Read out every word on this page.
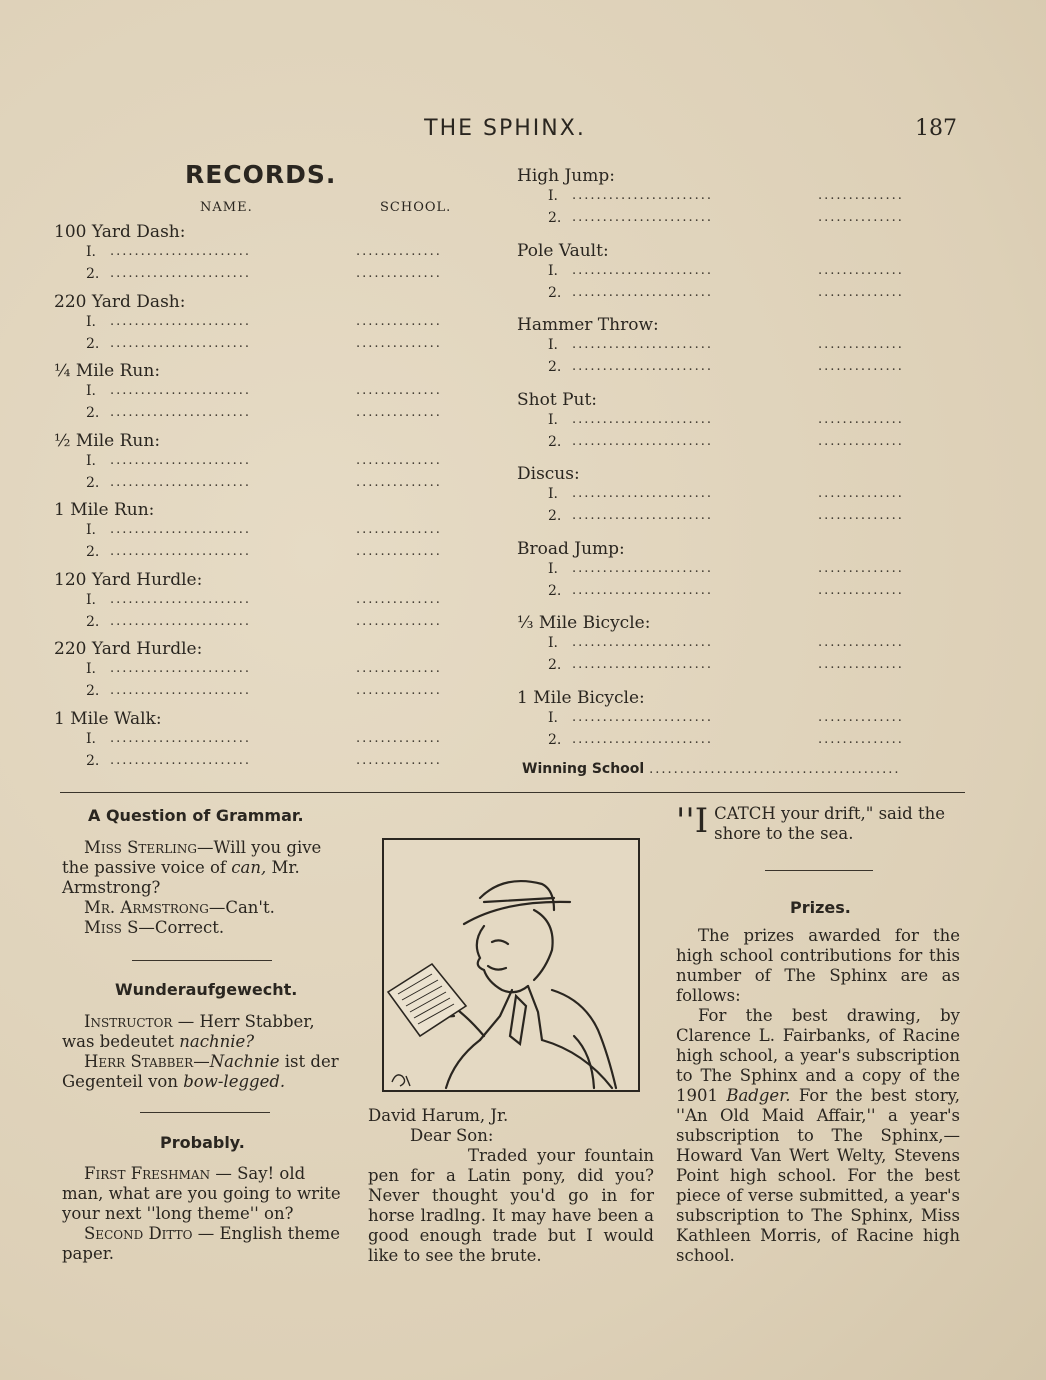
THE SPHINX.	187
RECORDS.
NAME.	SCHOOL.
100 Yard Dash:
I. .......................	..............
2. .......................	..............
220 Yard Dash:
I. .......................	..............
2. .......................	..............
¼ Mile Run:
I. .......................	..............
2. .......................	..............
½ Mile Run:
I. .......................	..............
2. .......................	..............
1 Mile Run:
I. .......................	..............
2. .......................	..............
120 Yard Hurdle:
I. .......................	..............
2. .......................	..............
220 Yard Hurdle:
I. .......................	..............
2. .......................	..............
1 Mile Walk:
I. .......................	..............
2. .......................	..............
High Jump:
I. .......................	..............
2. .......................	..............
Pole Vault:
I. .......................	..............
2. .......................	..............
Hammer Throw:
I. .......................	..............
2. .......................	..............
Shot Put:
I. .......................	..............
2. .......................	..............
Discus:
I. .......................	..............
2. .......................	..............
Broad Jump:
I. .......................	..............
2. .......................	..............
⅓ Mile Bicycle:
I. .......................	..............
2. .......................	..............
1 Mile Bicycle:
I. .......................	..............
2. .......................	..............
Winning School .........................................
A Question of Grammar.
Miss Sterling—Will you give the passive voice of can, Mr. Armstrong?
Mr. Armstrong—Can't.
Miss S—Correct.
Wunderaufgewecht.
Instructor — Herr Stabber, was bedeutet nachnie?
Herr Stabber—Nachnie ist der Gegenteil von bow-legged.
Probably.
First Freshman — Say! old man, what are you going to write your next ''long theme'' on?
Second Ditto — English theme paper.
David Harum, Jr.
Dear Son:
Traded your fountain pen for a Latin pony, did you? Never thought you'd go in for horse lradlng. It may have been a good enough trade but I would like to see the brute.
''I CATCH your drift," said the shore to the sea.
Prizes.
The prizes awarded for the high school contributions for this number of The Sphinx are as follows:
For the best drawing, by Clarence L. Fairbanks, of Racine high school, a year's subscription to The Sphinx and a copy of the 1901 Badger. For the best story, ''An Old Maid Affair,'' a year's subscription to The Sphinx,—Howard Van Wert Welty, Stevens Point high school. For the best piece of verse submitted, a year's subscription to The Sphinx, Miss Kathleen Morris, of Racine high school.
